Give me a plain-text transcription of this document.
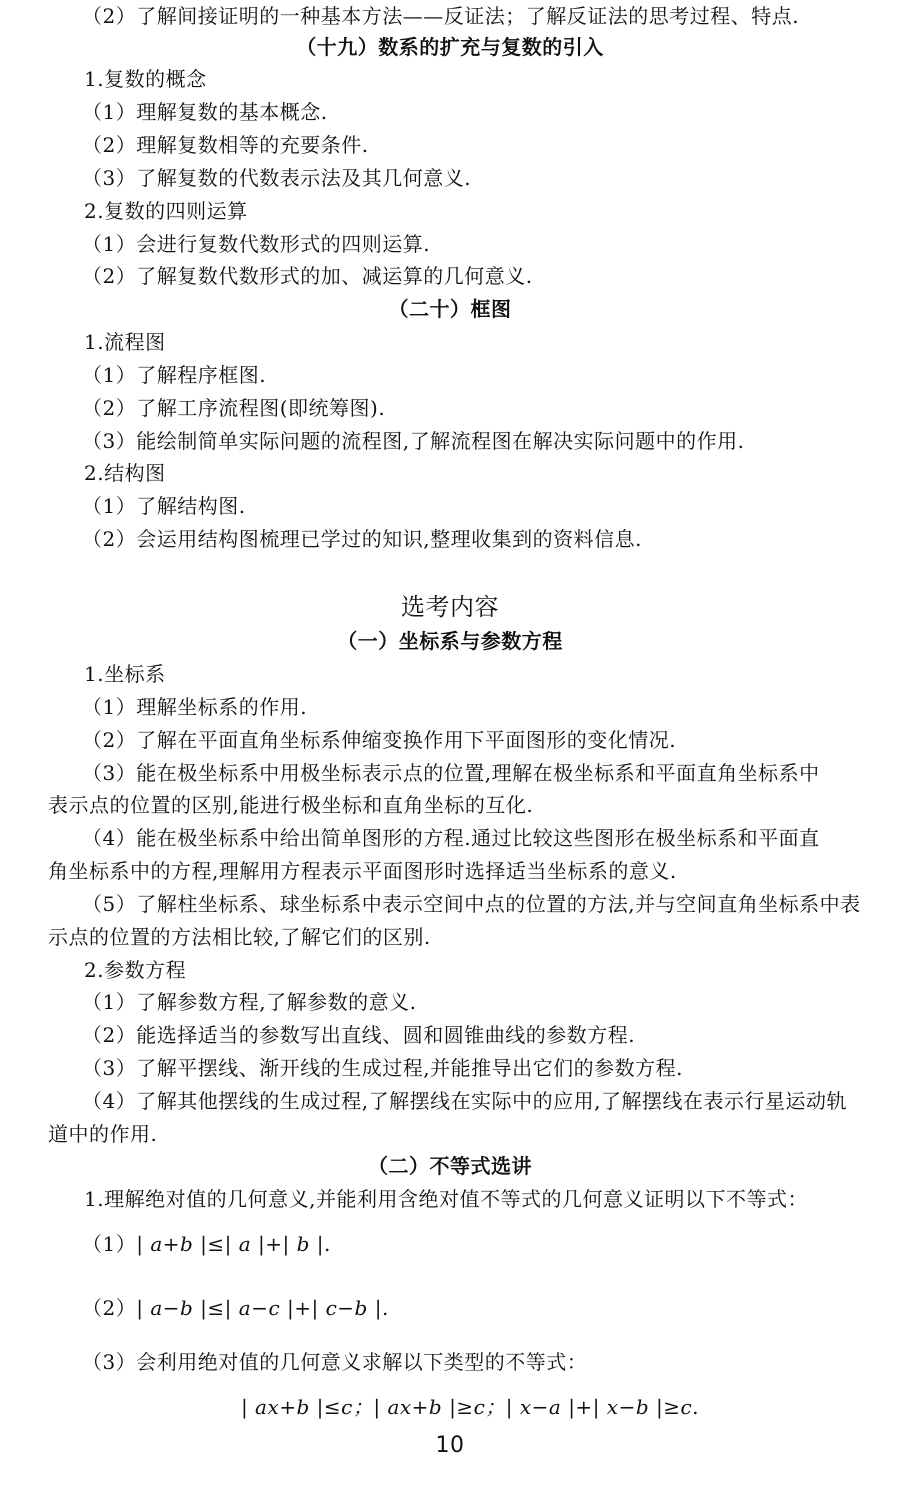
（2）了解间接证明的一种基本方法——反证法；了解反证法的思考过程、特点.
（十九）数系的扩充与复数的引入
1.复数的概念
（1）理解复数的基本概念.
（2）理解复数相等的充要条件.
（3）了解复数的代数表示法及其几何意义.
2.复数的四则运算
（1）会进行复数代数形式的四则运算.
（2）了解复数代数形式的加、减运算的几何意义.
（二十）框图
1.流程图
（1）了解程序框图.
（2）了解工序流程图(即统筹图).
（3）能绘制简单实际问题的流程图,了解流程图在解决实际问题中的作用.
2.结构图
（1）了解结构图.
（2）会运用结构图梳理已学过的知识,整理收集到的资料信息.
选考内容
（一）坐标系与参数方程
1.坐标系
（1）理解坐标系的作用.
（2）了解在平面直角坐标系伸缩变换作用下平面图形的变化情况.
（3）能在极坐标系中用极坐标表示点的位置,理解在极坐标系和平面直角坐标系中
表示点的位置的区别,能进行极坐标和直角坐标的互化.
（4）能在极坐标系中给出简单图形的方程.通过比较这些图形在极坐标系和平面直
角坐标系中的方程,理解用方程表示平面图形时选择适当坐标系的意义.
（5）了解柱坐标系、球坐标系中表示空间中点的位置的方法,并与空间直角坐标系中表
示点的位置的方法相比较,了解它们的区别.
2.参数方程
（1）了解参数方程,了解参数的意义.
（2）能选择适当的参数写出直线、圆和圆锥曲线的参数方程.
（3）了解平摆线、渐开线的生成过程,并能推导出它们的参数方程.
（4）了解其他摆线的生成过程,了解摆线在实际中的应用,了解摆线在表示行星运动轨
道中的作用.
（二）不等式选讲
1.理解绝对值的几何意义,并能利用含绝对值不等式的几何意义证明以下不等式：
（1）| a+b |≤| a |+| b |.
（2）| a−b |≤| a−c |+| c−b |.
（3）会利用绝对值的几何意义求解以下类型的不等式：
| ax+b |≤c；| ax+b |≥c；| x−a |+| x−b |≥c.
10
